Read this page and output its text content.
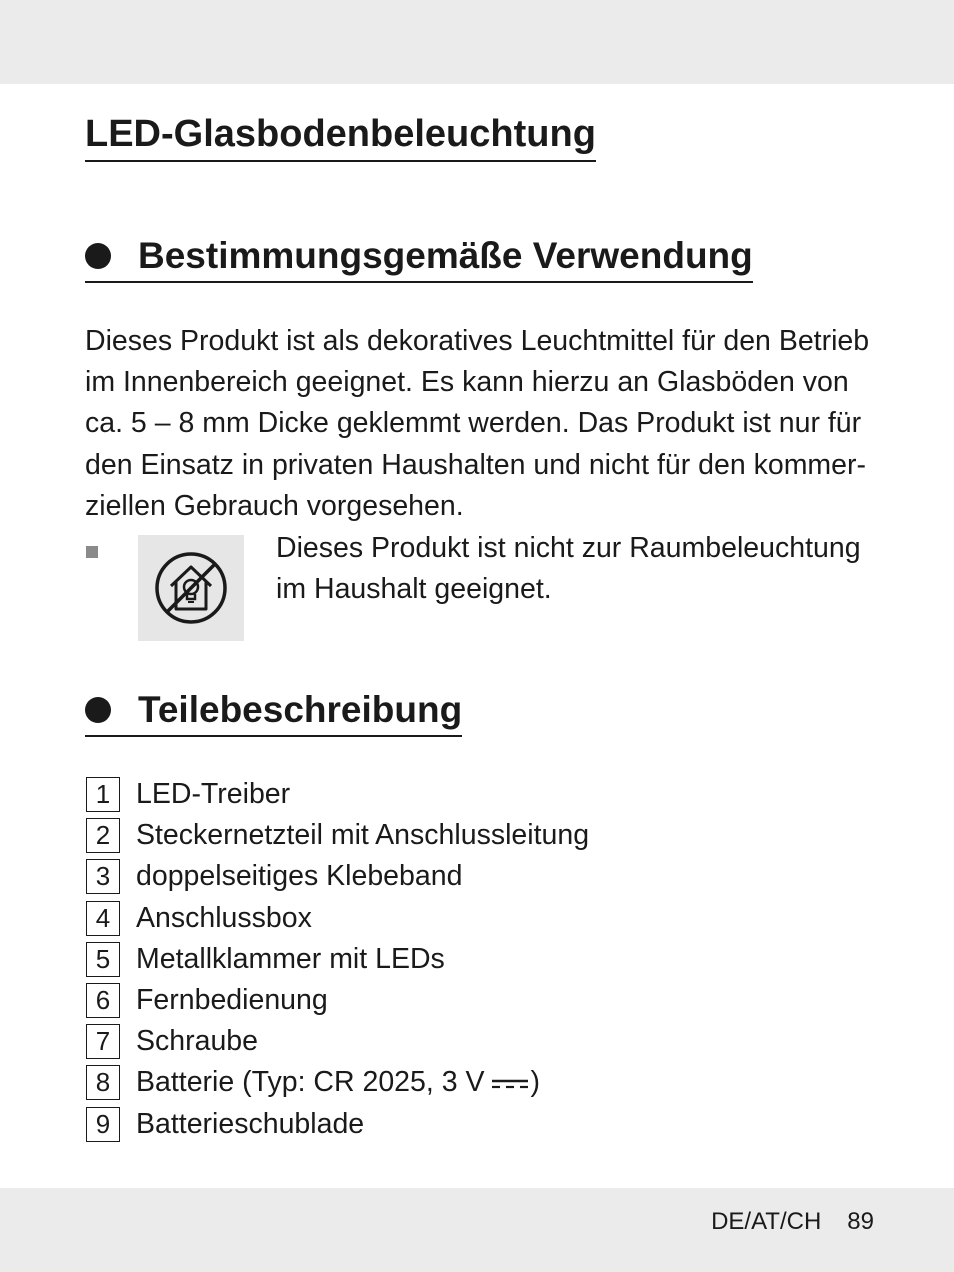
LED-Glasbodenbeleuchtung
Bestimmungsgemäße Verwendung

Dieses Produkt ist als dekoratives Leuchtmittel für den Betrieb
im Innenbereich geeignet. Es kann hierzu an Glasböden von
ca. 5 – 8 mm Dicke geklemmt werden. Das Produkt ist nur für
den Einsatz in privaten Haushalten und nicht für den kommer-
ziellen Gebrauch vorgesehen.

Dieses Produkt ist nicht zur Raumbeleuchtung
im Haushalt geeignet.

Teilebeschreibung
1 LED-Treiber
2 Steckernetzteil mit Anschlussleitung
3 doppelseitiges Klebeband
4 Anschlussbox
5 Metallklammer mit LEDs
6 Fernbedienung
7 Schraube
8 Batterie (Typ: CR 2025, 3 V )
9 Batterieschublade
DE/AT/CH 89
